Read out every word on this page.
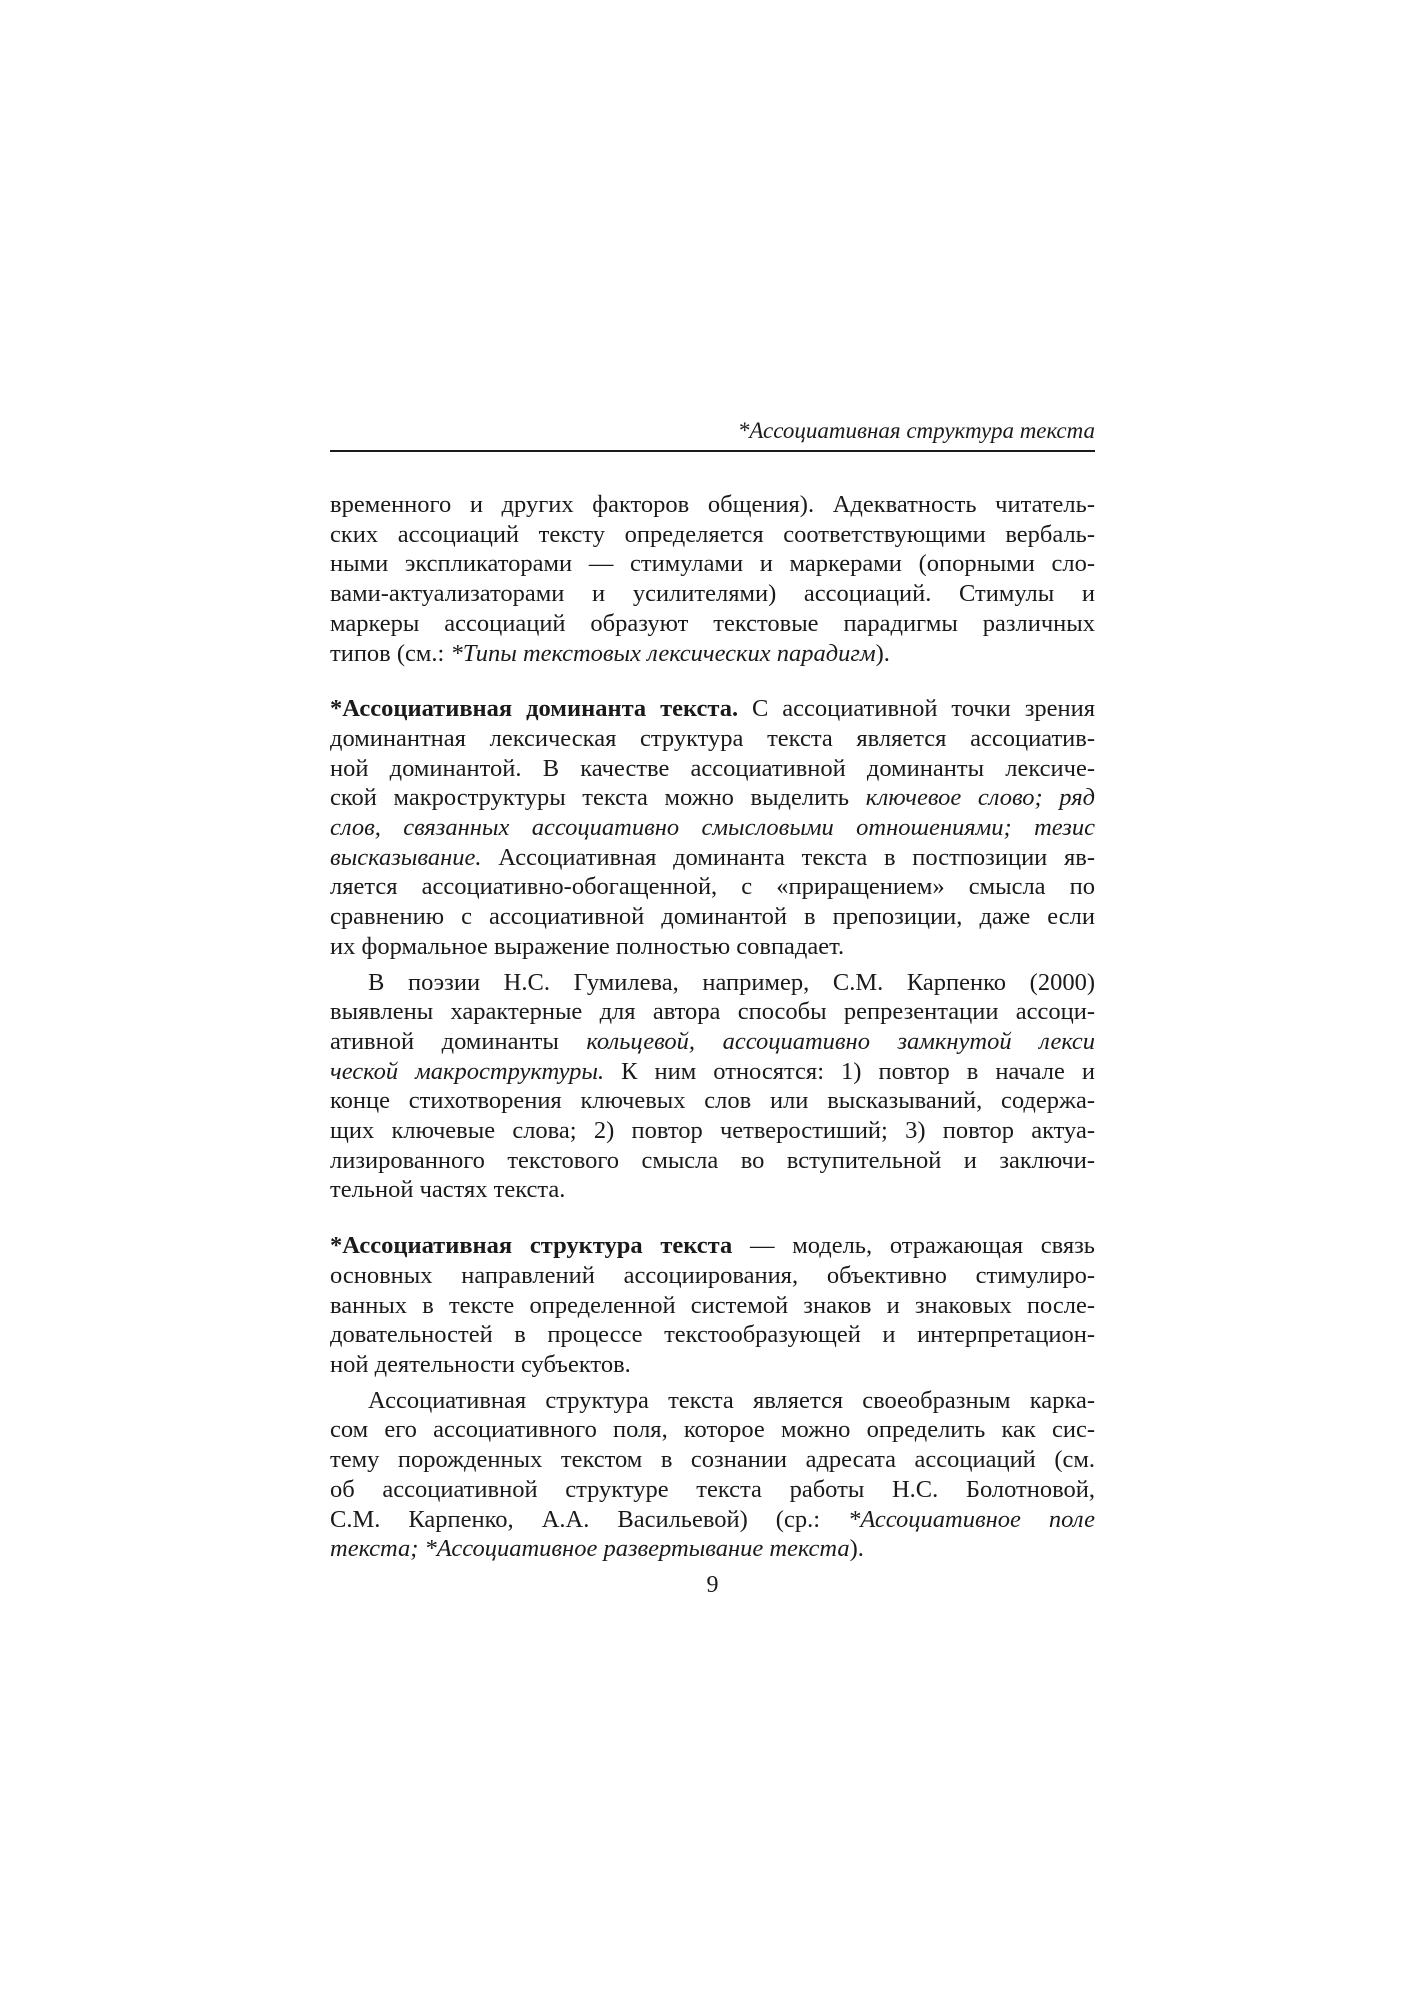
*Ассоциативная структура текста
временного и других факторов общения). Адекватность читатель-
ских ассоциаций тексту определяется соответствующими вербаль-
ными экспликаторами — стимулами и маркерами (опорными сло-
вами-актуализаторами и усилителями) ассоциаций. Стимулы и
маркеры ассоциаций образуют текстовые парадигмы различных
типов (см.: *Типы текстовых лексических парадигм).
*Ассоциативная доминанта текста. С ассоциативной точки зрения
доминантная лексическая структура текста является ассоциатив-
ной доминантой. В качестве ассоциативной доминанты лексиче-
ской макроструктуры текста можно выделить ключевое слово; ряд
слов, связанных ассоциативно смысловыми отношениями; тезис
высказывание. Ассоциативная доминанта текста в постпозиции яв-
ляется ассоциативно-обогащенной, с «приращением» смысла по
сравнению с ассоциативной доминантой в препозиции, даже если
их формальное выражение полностью совпадает.
В поэзии Н.С. Гумилева, например, С.М. Карпенко (2000)
выявлены характерные для автора способы репрезентации ассоци-
ативной доминанты кольцевой, ассоциативно замкнутой лекси
ческой макроструктуры. К ним относятся: 1) повтор в начале и
конце стихотворения ключевых слов или высказываний, содержа-
щих ключевые слова; 2) повтор четверостиший; 3) повтор актуа-
лизированного текстового смысла во вступительной и заключи-
тельной частях текста.
*Ассоциативная структура текста — модель, отражающая связь
основных направлений ассоциирования, объективно стимулиро-
ванных в тексте определенной системой знаков и знаковых после-
довательностей в процессе текстообразующей и интерпретацион-
ной деятельности субъектов.
Ассоциативная структура текста является своеобразным карка-
сом его ассоциативного поля, которое можно определить как сис-
тему порожденных текстом в сознании адресата ассоциаций (см.
об ассоциативной структуре текста работы Н.С. Болотновой,
С.М. Карпенко, А.А. Васильевой) (ср.: *Ассоциативное поле
текста; *Ассоциативное развертывание текста).
9
